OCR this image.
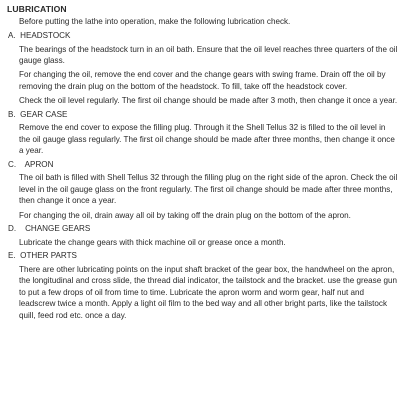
LUBRICATION
Before putting the lathe into operation, make the following lubrication check.
A.  HEADSTOCK
The bearings of the headstock turn in an oil bath. Ensure that the oil level reaches three quarters of the oil gauge glass.
For changing the oil, remove the end cover and the change gears with swing frame. Drain off the oil by removing the drain plug on the bottom of the headstock. To fill, take off the headstock cover.
Check the oil level regularly. The first oil change should be made after 3 moth, then change it once a year.
B.  GEAR CASE
Remove the end cover to expose the filling plug. Through it the Shell Tellus 32 is filled to the oil level in the oil gauge glass regularly. The first oil change should be made after three months, then change it once a year.
C.    APRON
The oil bath is filled with Shell Tellus 32 through the filling plug on the right side of the apron. Check the oil level in the oil gauge glass on the front regularly. The first oil change should be made after three months, then change it once a year.
For changing the oil, drain away all oil by taking off the drain plug on the bottom of the apron.
D.    CHANGE GEARS
Lubricate the change gears with thick machine oil or grease once a month.
E.  OTHER PARTS
There are other lubricating points on the input shaft bracket of the gear box, the handwheel on the apron, the longitudinal and cross slide, the thread dial indicator, the tailstock and the bracket. use the grease gun to put a few drops of oil from time to time. Lubricate the apron worm and worm gear, half nut and leadscrew twice a month. Apply a light oil film to the bed way and all other bright parts, like the tailstock quill, feed rod etc. once a day.
